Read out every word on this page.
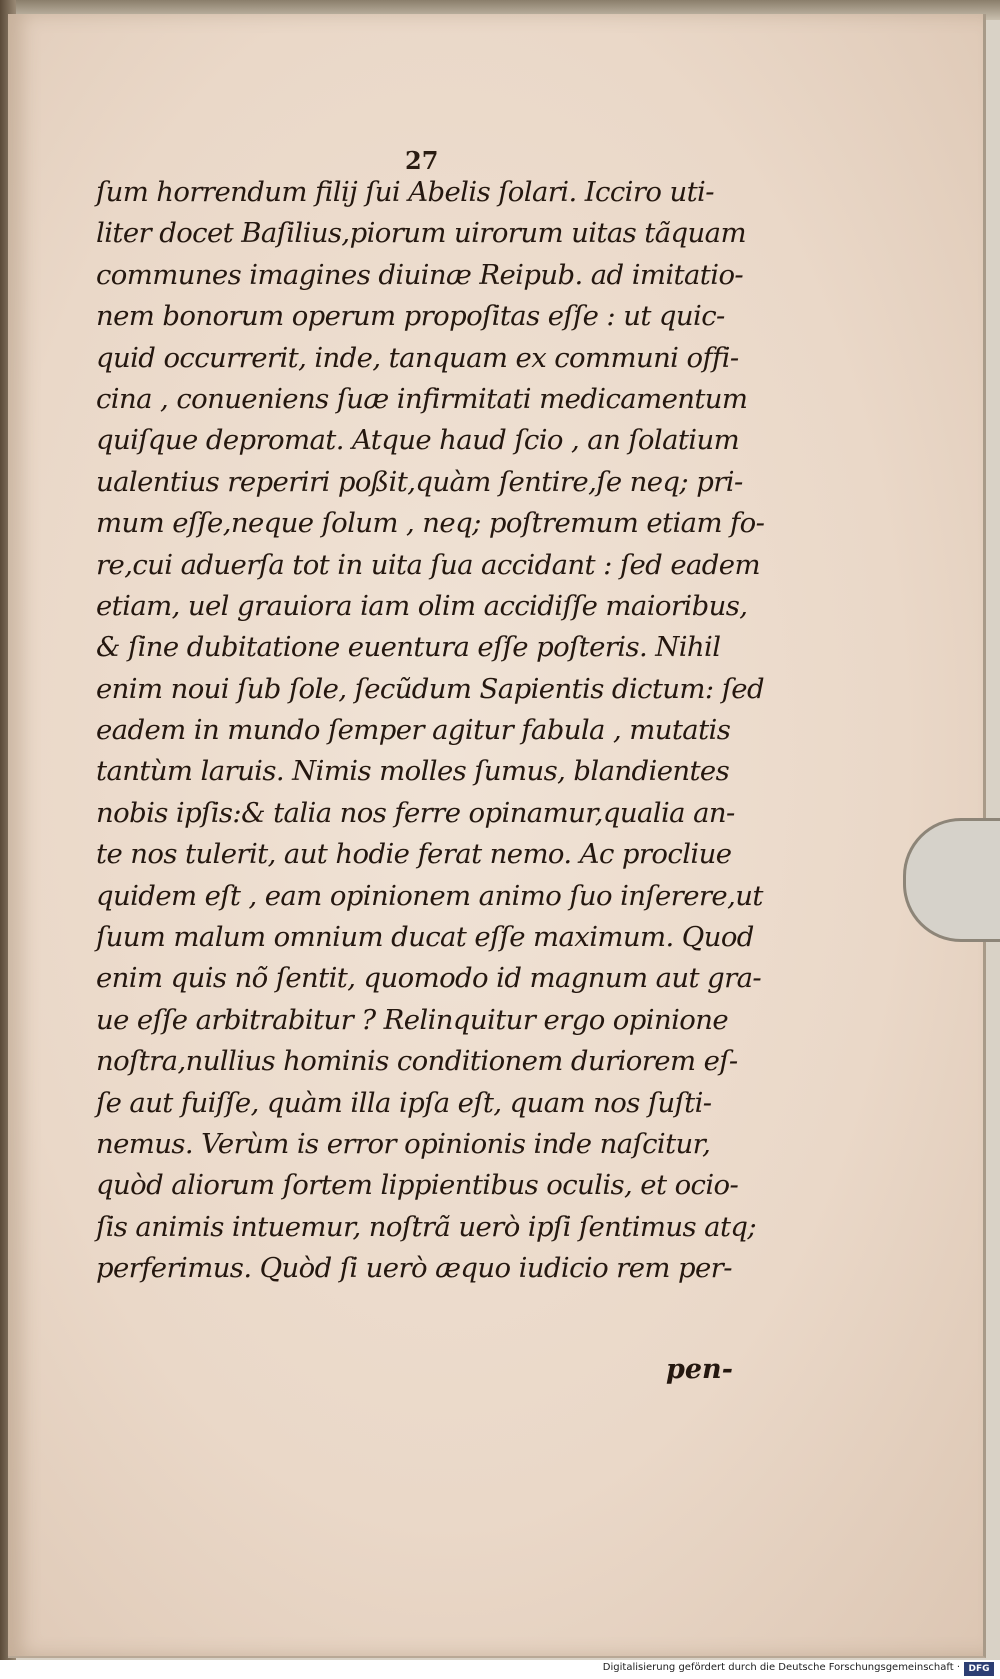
27
ſum horrendum filij ſui Abelis ſolari. Icciro uti-
liter docet Baſilius,piorum uirorum uitas tãquam
communes imagines diuinæ Reipub. ad imitatio-
nem bonorum operum propoſitas eſſe : ut quic-
quid occurrerit, inde, tanquam ex communi offi-
cina , conueniens ſuæ infirmitati medicamentum
quiſque depromat. Atque haud ſcio , an ſolatium
ualentius reperiri poßit,quàm ſentire,ſe neq; pri-
mum eſſe,neque ſolum , neq; poſtremum etiam fo-
re,cui aduerſa tot in uita ſua accidant : ſed eadem
etiam, uel grauiora iam olim accidiſſe maioribus,
& ſine dubitatione euentura eſſe poſteris. Nihil
enim noui ſub ſole, ſecũdum Sapientis dictum: ſed
eadem in mundo ſemper agitur fabula , mutatis
tantùm laruis. Nimis molles ſumus, blandientes
nobis ipſis:& talia nos ferre opinamur,qualia an-
te nos tulerit, aut hodie ferat nemo. Ac procliue
quidem eſt , eam opinionem animo ſuo inſerere,ut
ſuum malum omnium ducat eſſe maximum. Quod
enim quis nõ ſentit, quomodo id magnum aut gra-
ue eſſe arbitrabitur ? Relinquitur ergo opinione
noſtra,nullius hominis conditionem duriorem eſ-
ſe aut fuiſſe, quàm illa ipſa eſt, quam nos ſuſti-
nemus. Verùm is error opinionis inde naſcitur,
quòd aliorum ſortem lippientibus oculis, et ocio-
ſis animis intuemur, noſtrã uerò ipſi ſentimus atq;
perferimus. Quòd ſi uerò æquo iudicio rem per-
pen-
Digitalisierung gefördert durch die Deutsche Forschungsgemeinschaft · DFG
